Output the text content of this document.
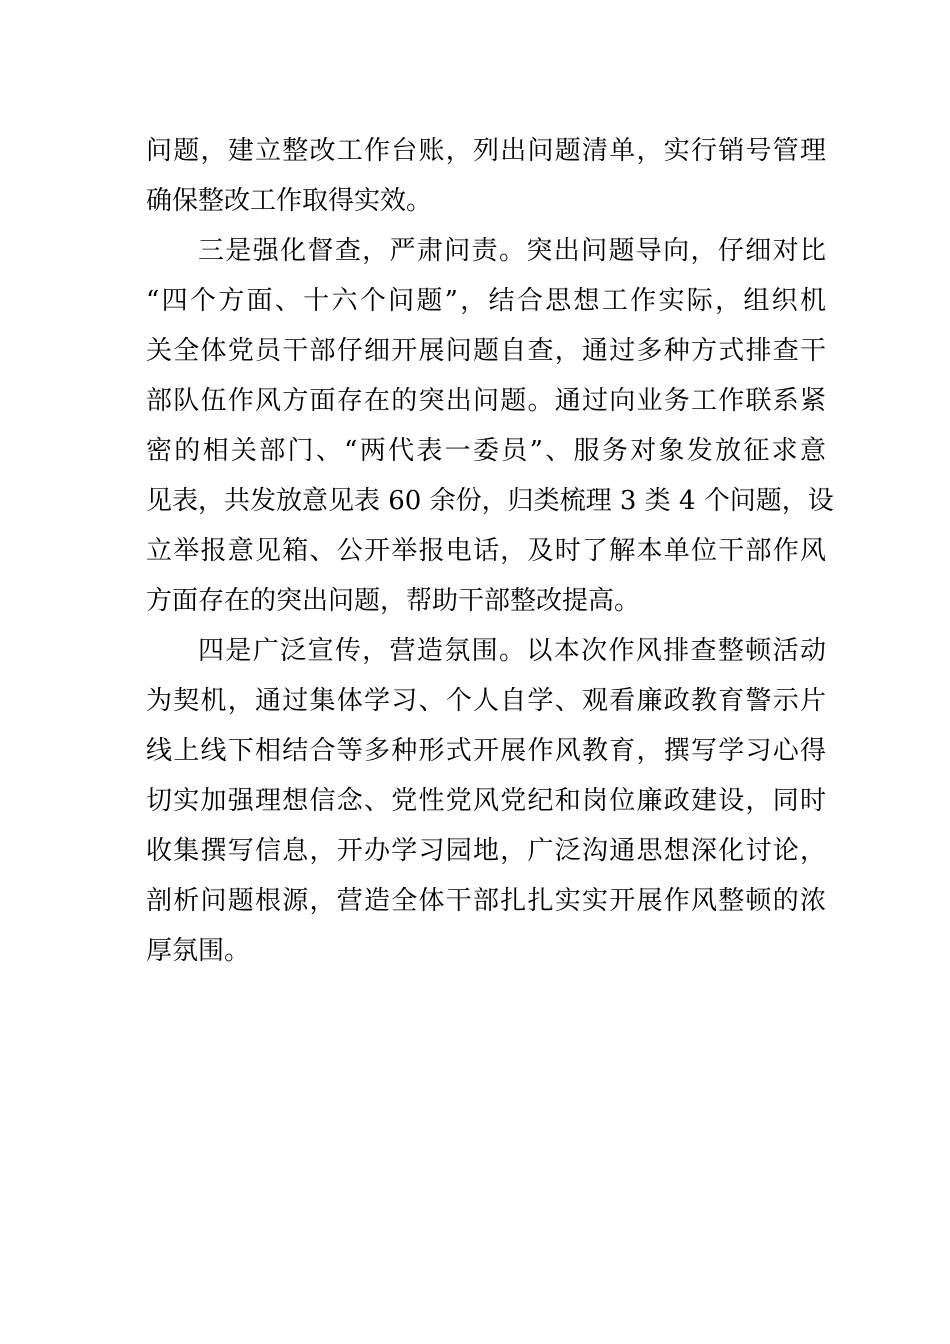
问题，建立整改工作台账，列出问题清单，实行销号管理
确保整改工作取得实效。
三是强化督查，严肃问责。突出问题导向，仔细对比
“四个方面、十六个问题”，结合思想工作实际，组织机
关全体党员干部仔细开展问题自查，通过多种方式排查干
部队伍作风方面存在的突出问题。通过向业务工作联系紧
密的相关部门、“两代表一委员”、服务对象发放征求意
见表，共发放意见表 60 余份，归类梳理 3 类 4 个问题，设
立举报意见箱、公开举报电话，及时了解本单位干部作风
方面存在的突出问题，帮助干部整改提高。
四是广泛宣传，营造氛围。以本次作风排查整顿活动
为契机，通过集体学习、个人自学、观看廉政教育警示片
线上线下相结合等多种形式开展作风教育，撰写学习心得
切实加强理想信念、党性党风党纪和岗位廉政建设，同时
收集撰写信息，开办学习园地，广泛沟通思想深化讨论，
剖析问题根源，营造全体干部扎扎实实开展作风整顿的浓
厚氛围。
